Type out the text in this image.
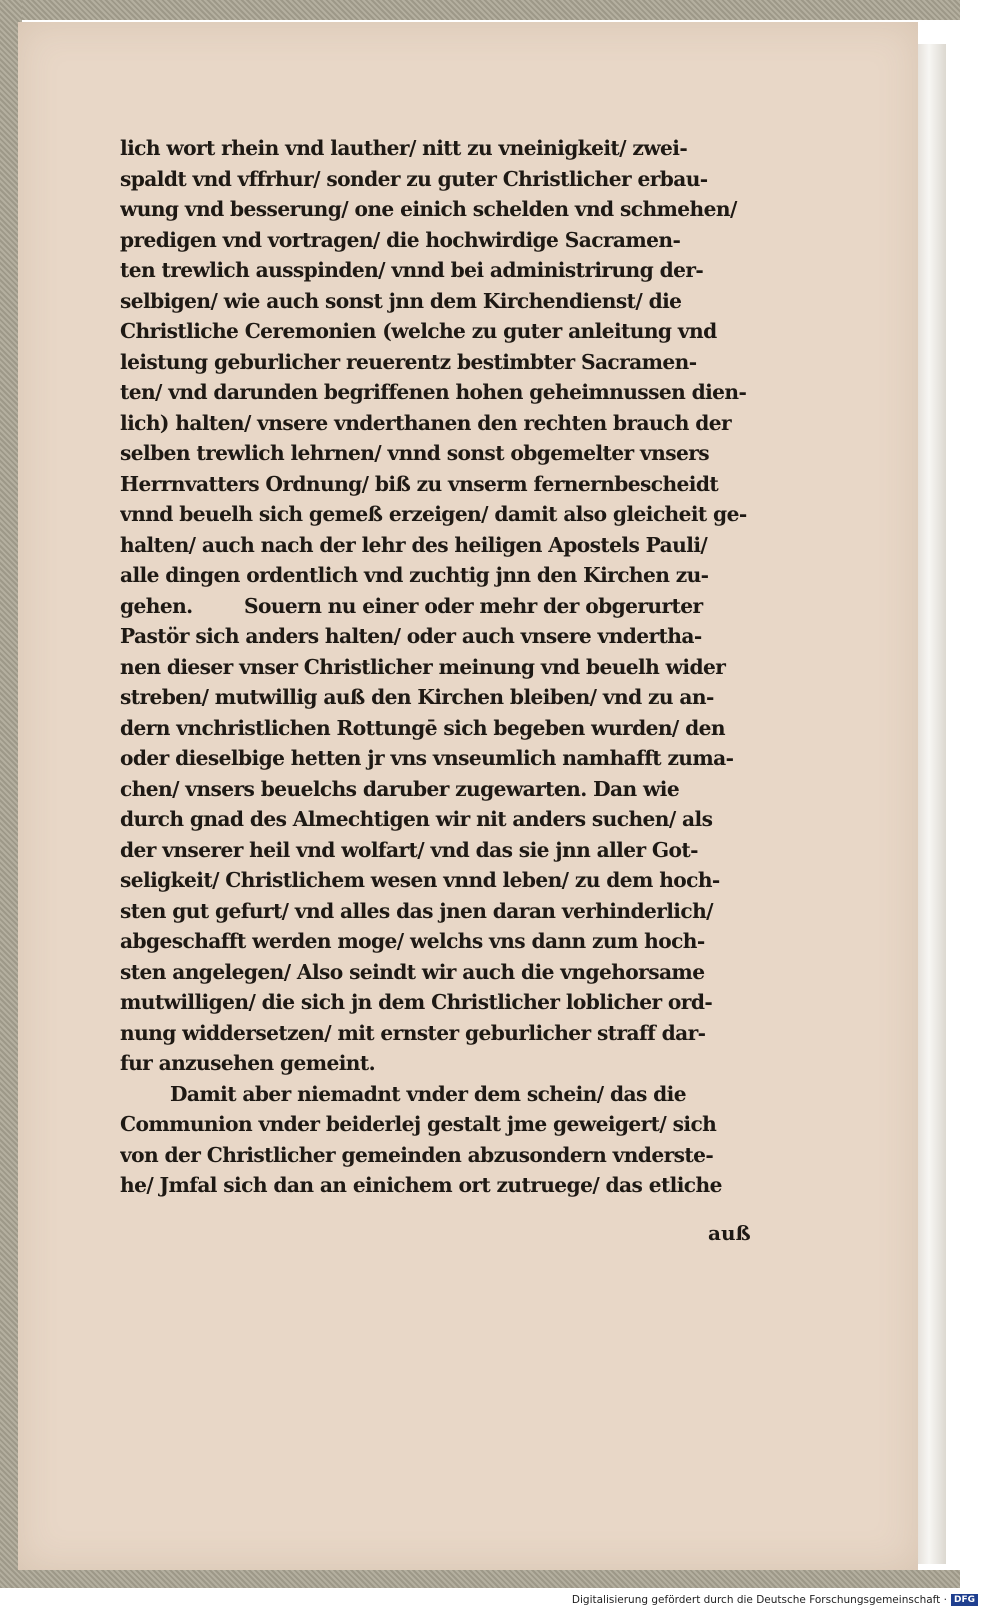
lich wort rhein vnd lauther/ nitt zu vneinigkeit/ zwei-
spaldt vnd vffrhur/ sonder zu guter Christlicher erbau-
wung vnd besserung/ one einich schelden vnd schmehen/
predigen vnd vortragen/ die hochwirdige Sacramen-
ten trewlich ausspinden/ vnnd bei administrirung der-
selbigen/ wie auch sonst jnn dem Kirchendienst/ die
Christliche Ceremonien (welche zu guter anleitung vnd
leistung geburlicher reuerentz bestimbter Sacramen-
ten/ vnd darunden begriffenen hohen geheimnussen dien-
lich) halten/ vnsere vnderthanen den rechten brauch der
selben trewlich lehrnen/ vnnd sonst obgemelter vnsers
Herrnvatters Ordnung/ biß zu vnserm fernernbescheidt
vnnd beuelh sich gemeß erzeigen/ damit also gleicheit ge-
halten/ auch nach der lehr des heiligen Apostels Pauli/
alle dingen ordentlich vnd zuchtig jnn den Kirchen zu-
gehen.        Souern nu einer oder mehr der obgerurter
Pastör sich anders halten/ oder auch vnsere vndertha-
nen dieser vnser Christlicher meinung vnd beuelh wider
streben/ mutwillig auß den Kirchen bleiben/ vnd zu an-
dern vnchristlichen Rottungē sich begeben wurden/ den
oder dieselbige hetten jr vns vnseumlich namhafft zuma-
chen/ vnsers beuelchs daruber zugewarten. Dan wie
durch gnad des Almechtigen wir nit anders suchen/ als
der vnserer heil vnd wolfart/ vnd das sie jnn aller Got-
seligkeit/ Christlichem wesen vnnd leben/ zu dem hoch-
sten gut gefurt/ vnd alles das jnen daran verhinderlich/
abgeschafft werden moge/ welchs vns dann zum hoch-
sten angelegen/ Also seindt wir auch die vngehorsame
mutwilligen/ die sich jn dem Christlicher loblicher ord-
nung widdersetzen/ mit ernster geburlicher straff dar-
fur anzusehen gemeint.
Damit aber niemadnt vnder dem schein/ das die
Communion vnder beiderlej gestalt jme geweigert/ sich
von der Christlicher gemeinden abzusondern vnderste-
he/ Jmfal sich dan an einichem ort zutruege/ das etliche
auß
Digitalisierung gefördert durch die Deutsche Forschungsgemeinschaft · DFG
